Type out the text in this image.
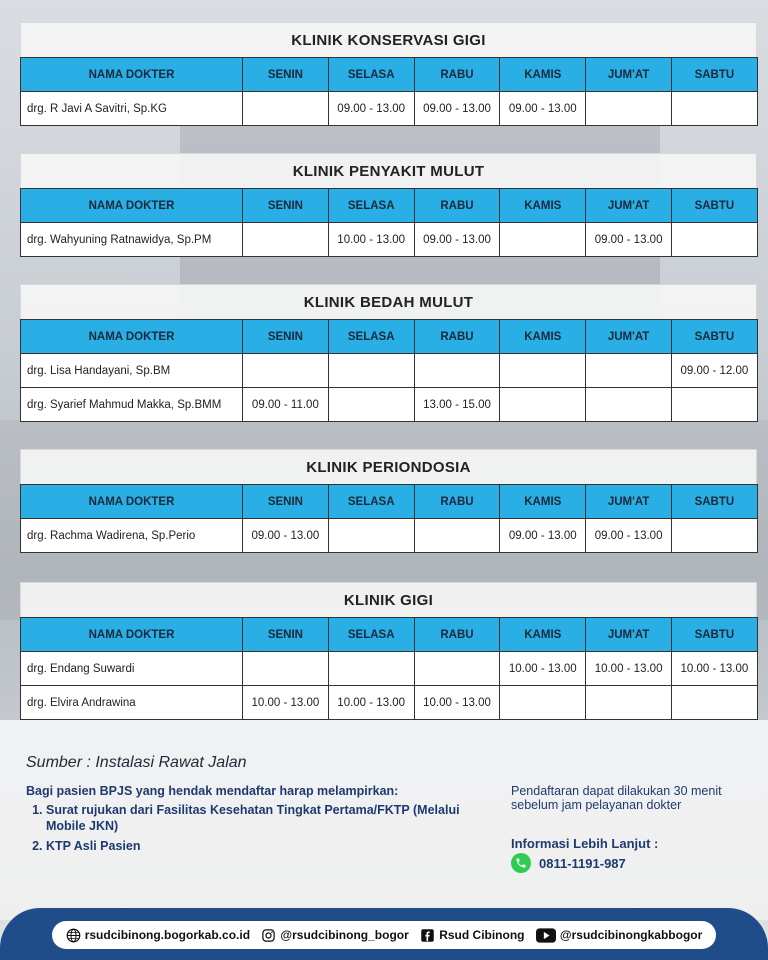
KLINIK KONSERVASI GIGI
NAMA DOKTER	SENIN	SELASA	RABU	KAMIS	JUM'AT	SABTU
drg. R Javi A Savitri, Sp.KG		09.00 - 13.00	09.00 - 13.00	09.00 - 13.00		
KLINIK PENYAKIT MULUT
NAMA DOKTER	SENIN	SELASA	RABU	KAMIS	JUM'AT	SABTU
drg. Wahyuning Ratnawidya, Sp.PM		10.00 - 13.00	09.00 - 13.00		09.00 - 13.00	
KLINIK BEDAH MULUT
NAMA DOKTER	SENIN	SELASA	RABU	KAMIS	JUM'AT	SABTU
drg. Lisa Handayani, Sp.BM						09.00 - 12.00
drg. Syarief Mahmud Makka, Sp.BMM	09.00 - 11.00		13.00 - 15.00			
KLINIK PERIONDOSIA
NAMA DOKTER	SENIN	SELASA	RABU	KAMIS	JUM'AT	SABTU
drg. Rachma Wadirena, Sp.Perio	09.00 - 13.00			09.00 - 13.00	09.00 - 13.00	
KLINIK GIGI
NAMA DOKTER	SENIN	SELASA	RABU	KAMIS	JUM'AT	SABTU
drg. Endang Suwardi				10.00 - 13.00	10.00 - 13.00	10.00 - 13.00
drg. Elvira Andrawina	10.00 - 13.00	10.00 - 13.00	10.00 - 13.00			
Sumber : Instalasi Rawat Jalan
Bagi pasien BPJS yang hendak mendaftar harap melampirkan:
1. Surat rujukan dari Fasilitas Kesehatan Tingkat Pertama/FKTP (Melalui Mobile JKN)
2. KTP Asli Pasien
Pendaftaran dapat dilakukan 30 menit sebelum jam pelayanan dokter
Informasi Lebih Lanjut :
0811-1191-987
rsudcibinong.bogorkab.co.id	@rsudcibinong_bogor	Rsud Cibinong	@rsudcibinongkabbogor
